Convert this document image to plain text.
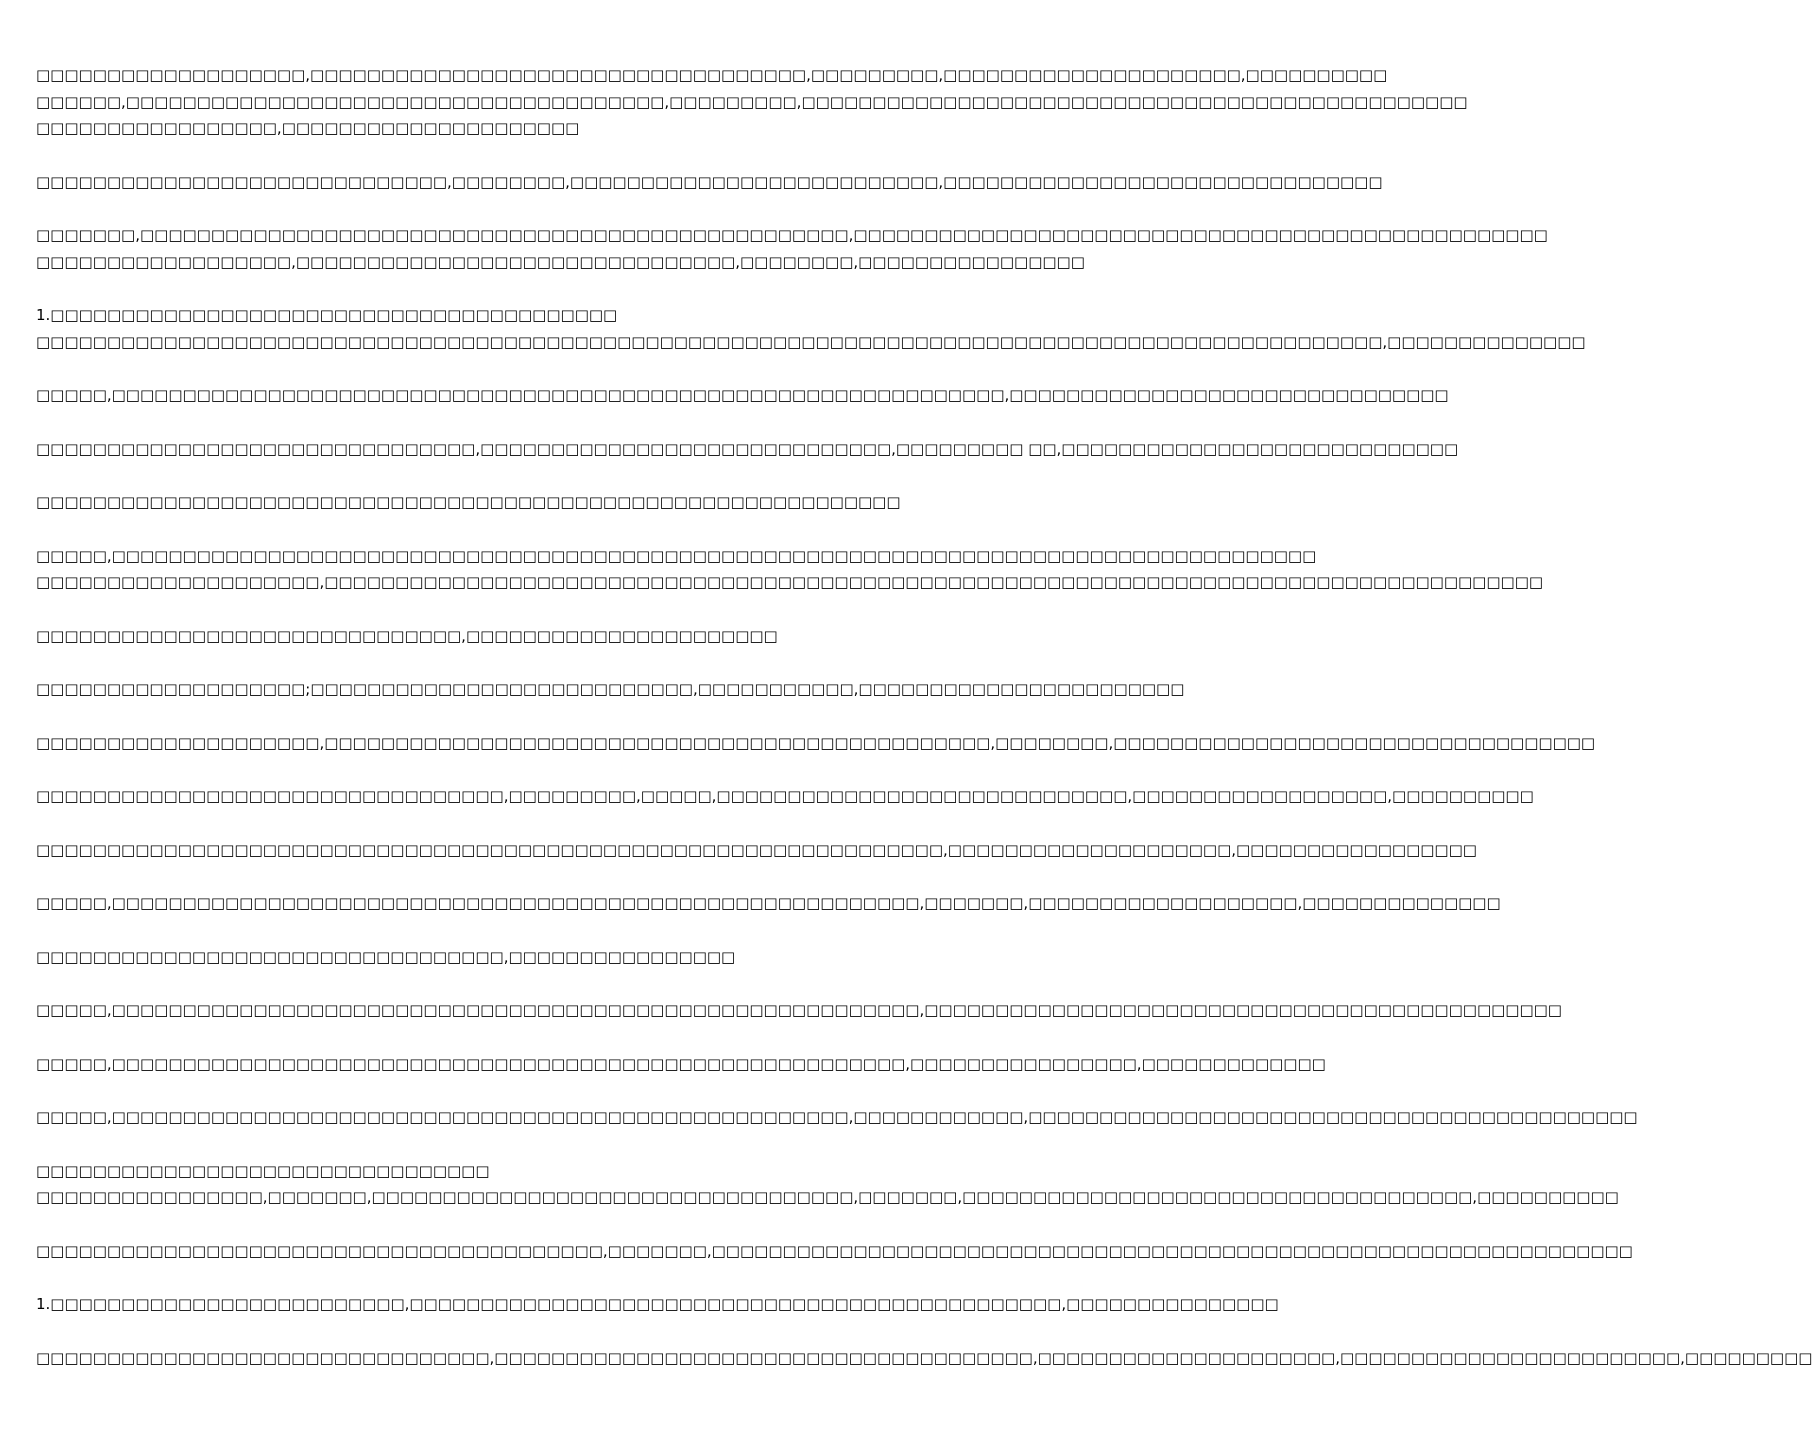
□□□□□□□□□□□□□□□□□□□,□□□□□□□□□□□□□□□□□□□□□□□□□□□□□□□□□□□,□□□□□□□□□,□□□□□□□□□□□□□□□□□□□□□,□□□□□□□□□□
□□□□□□,□□□□□□□□□□□□□□□□□□□□□□□□□□□□□□□□□□□□□□,□□□□□□□□□,□□□□□□□□□□□□□□□□□□□□□□□□□□□□□□□□□□□□□□□□□□□□□□□
□□□□□□□□□□□□□□□□□,□□□□□□□□□□□□□□□□□□□□□
□□□□□□□□□□□□□□□□□□□□□□□□□□□□□,□□□□□□□□,□□□□□□□□□□□□□□□□□□□□□□□□□□,□□□□□□□□□□□□□□□□□□□□□□□□□□□□□□□
□□□□□□□,□□□□□□□□□□□□□□□□□□□□□□□□□□□□□□□□□□□□□□□□□□□□□□□□□□,□□□□□□□□□□□□□□□□□□□□□□□□□□□□□□□□□□□□□□□□□□□□□□□□□
□□□□□□□□□□□□□□□□□□,□□□□□□□□□□□□□□□□□□□□□□□□□□□□□□□,□□□□□□□□,□□□□□□□□□□□□□□□□
1.□□□□□□□□□□□□□□□□□□□□□□□□□□□□□□□□□□□□□□□□
□□□□□□□□□□□□□□□□□□□□□□□□□□□□□□□□□□□□□□□□□□□□□□□□□□□□□□□□□□□□□□□□□□□□□□□□□□□□□□□□□□□□□□□□□□□□□□□,□□□□□□□□□□□□□□
□□□□□,□□□□□□□□□□□□□□□□□□□□□□□□□□□□□□□□□□□□□□□□□□□□□□□□□□□□□□□□□□□□□□□,□□□□□□□□□□□□□□□□□□□□□□□□□□□□□□□
□□□□□□□□□□□□□□□□□□□□□□□□□□□□□□□,□□□□□□□□□□□□□□□□□□□□□□□□□□□□□,□□□□□□□□□ □□,□□□□□□□□□□□□□□□□□□□□□□□□□□□□
□□□□□□□□□□□□□□□□□□□□□□□□□□□□□□□□□□□□□□□□□□□□□□□□□□□□□□□□□□□□□
□□□□□,□□□□□□□□□□□□□□□□□□□□□□□□□□□□□□□□□□□□□□□□□□□□□□□□□□□□□□□□□□□□□□□□□□□□□□□□□□□□□□□□□□□□□
□□□□□□□□□□□□□□□□□□□□,□□□□□□□□□□□□□□□□□□□□□□□□□□□□□□□□□□□□□□□□□□□□□□□□□□□□□□□□□□□□□□□□□□□□□□□□□□□□□□□□□□□□□□
□□□□□□□□□□□□□□□□□□□□□□□□□□□□□□,□□□□□□□□□□□□□□□□□□□□□□
□□□□□□□□□□□□□□□□□□□;□□□□□□□□□□□□□□□□□□□□□□□□□□□,□□□□□□□□□□□,□□□□□□□□□□□□□□□□□□□□□□□
□□□□□□□□□□□□□□□□□□□□,□□□□□□□□□□□□□□□□□□□□□□□□□□□□□□□□□□□□□□□□□□□□□□□,□□□□□□□□,□□□□□□□□□□□□□□□□□□□□□□□□□□□□□□□□□□
□□□□□□□□□□□□□□□□□□□□□□□□□□□□□□□□□,□□□□□□□□□,□□□□□,□□□□□□□□□□□□□□□□□□□□□□□□□□□□□,□□□□□□□□□□□□□□□□□□,□□□□□□□□□□
□□□□□□□□□□□□□□□□□□□□□□□□□□□□□□□□□□□□□□□□□□□□□□□□□□□□□□□□□□□□□□□□,□□□□□□□□□□□□□□□□□□□□,□□□□□□□□□□□□□□□□□
□□□□□,□□□□□□□□□□□□□□□□□□□□□□□□□□□□□□□□□□□□□□□□□□□□□□□□□□□□□□□□□,□□□□□□□,□□□□□□□□□□□□□□□□□□□,□□□□□□□□□□□□□□
□□□□□□□□□□□□□□□□□□□□□□□□□□□□□□□□□,□□□□□□□□□□□□□□□□
□□□□□,□□□□□□□□□□□□□□□□□□□□□□□□□□□□□□□□□□□□□□□□□□□□□□□□□□□□□□□□□,□□□□□□□□□□□□□□□□□□□□□□□□□□□□□□□□□□□□□□□□□□□□□
□□□□□,□□□□□□□□□□□□□□□□□□□□□□□□□□□□□□□□□□□□□□□□□□□□□□□□□□□□□□□□,□□□□□□□□□□□□□□□□,□□□□□□□□□□□□□
□□□□□,□□□□□□□□□□□□□□□□□□□□□□□□□□□□□□□□□□□□□□□□□□□□□□□□□□□□,□□□□□□□□□□□□,□□□□□□□□□□□□□□□□□□□□□□□□□□□□□□□□□□□□□□□□□□□
□□□□□□□□□□□□□□□□□□□□□□□□□□□□□□□□
□□□□□□□□□□□□□□□□,□□□□□□□,□□□□□□□□□□□□□□□□□□□□□□□□□□□□□□□□□□,□□□□□□□,□□□□□□□□□□□□□□□□□□□□□□□□□□□□□□□□□□□□,□□□□□□□□□□
□□□□□□□□□□□□□□□□□□□□□□□□□□□□□□□□□□□□□□□□,□□□□□□□,□□□□□□□□□□□□□□□□□□□□□□□□□□□□□□□□□□□□□□□□□□□□□□□□□□□□□□□□□□□□□□□□□
1.□□□□□□□□□□□□□□□□□□□□□□□□□,□□□□□□□□□□□□□□□□□□□□□□□□□□□□□□□□□□□□□□□□□□□□□□,□□□□□□□□□□□□□□□
□□□□□□□□□□□□□□□□□□□□□□□□□□□□□□□□,□□□□□□□□□□□□□□□□□□□□□□□□□□□□□□□□□□□□□□,□□□□□□□□□□□□□□□□□□□□□,□□□□□□□□□□□□□□□□□□□□□□□□,□□□□□□□□□
